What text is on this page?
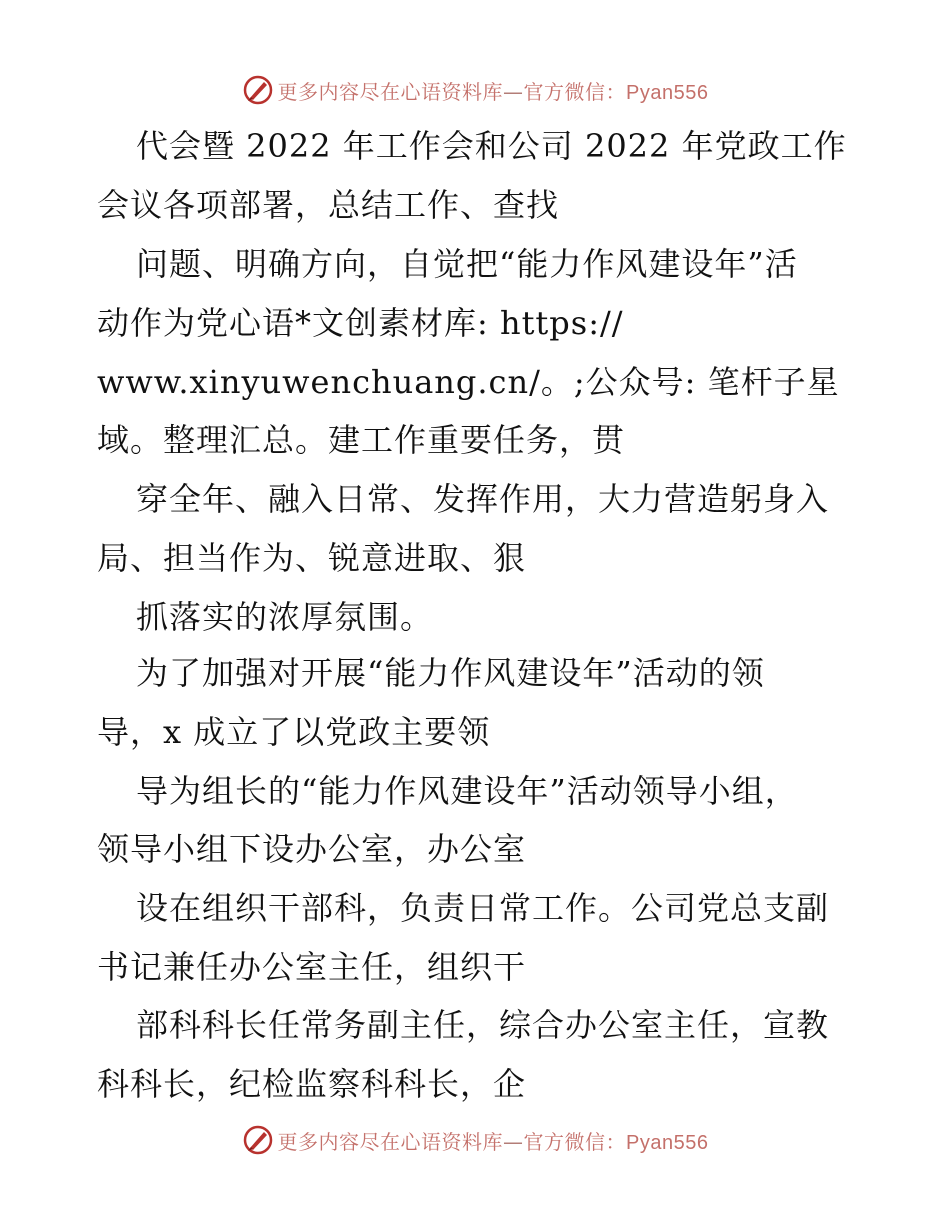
更多内容尽在心语资料库—官方微信：Pyan556
代会暨 2022 年工作会和公司 2022 年党政工作
会议各项部署，总结工作、查找
问题、明确方向，自觉把“能力作风建设年”活
动作为党心语*文创素材库: https://
www.xinyuwenchuang.cn/。;公众号: 笔杆子星
域。整理汇总。建工作重要任务，贯
穿全年、融入日常、发挥作用，大力营造躬身入
局、担当作为、锐意进取、狠
抓落实的浓厚氛围。
为了加强对开展“能力作风建设年”活动的领
导，x 成立了以党政主要领
导为组长的“能力作风建设年”活动领导小组，
领导小组下设办公室，办公室
设在组织干部科，负责日常工作。公司党总支副
书记兼任办公室主任，组织干
部科科长任常务副主任，综合办公室主任，宣教
科科长，纪检监察科科长，企
更多内容尽在心语资料库—官方微信：Pyan556
